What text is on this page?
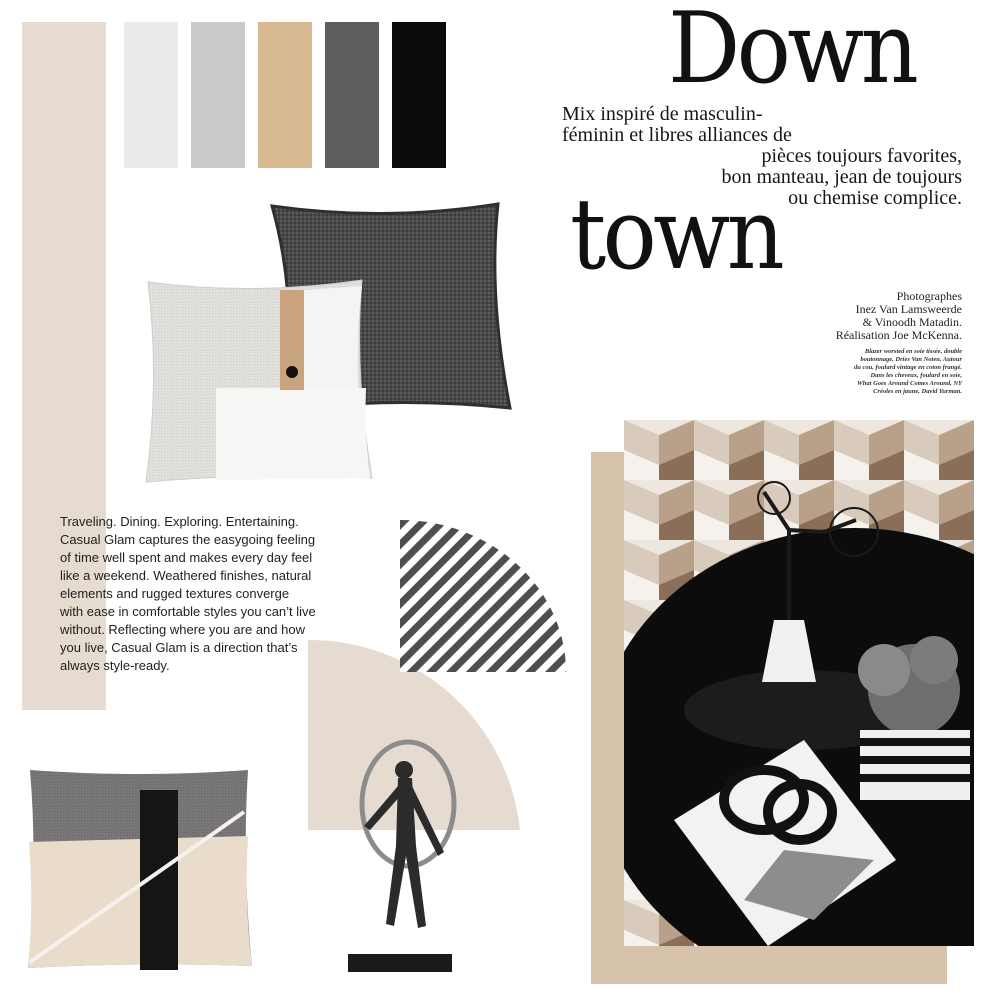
Down
Mix inspiré de masculin-
féminin et libres alliances de
pièces toujours favorites,
bon manteau, jean de toujours
ou chemise complice.
town
Photographes
Inez Van Lamsweerde
& Vinoodh Matadin.
Réalisation Joe McKenna.
Blazer worsted en soie tissée, double
boutonnage, Dries Van Noten. Autour
du cou, foulard vintage en coton frangé.
Dans les cheveux, foulard en soie,
What Goes Around Comes Around, NY
Créoles en jaune, David Yurman.
Traveling. Dining. Exploring. Entertaining.
Casual Glam captures the easygoing feeling
of time well spent and makes every day feel
like a weekend. Weathered finishes, natural
elements and rugged textures converge
with ease in comfortable styles you can’t live
without. Reflecting where you are and how
you live, Casual Glam is a direction that’s
always style-ready.
